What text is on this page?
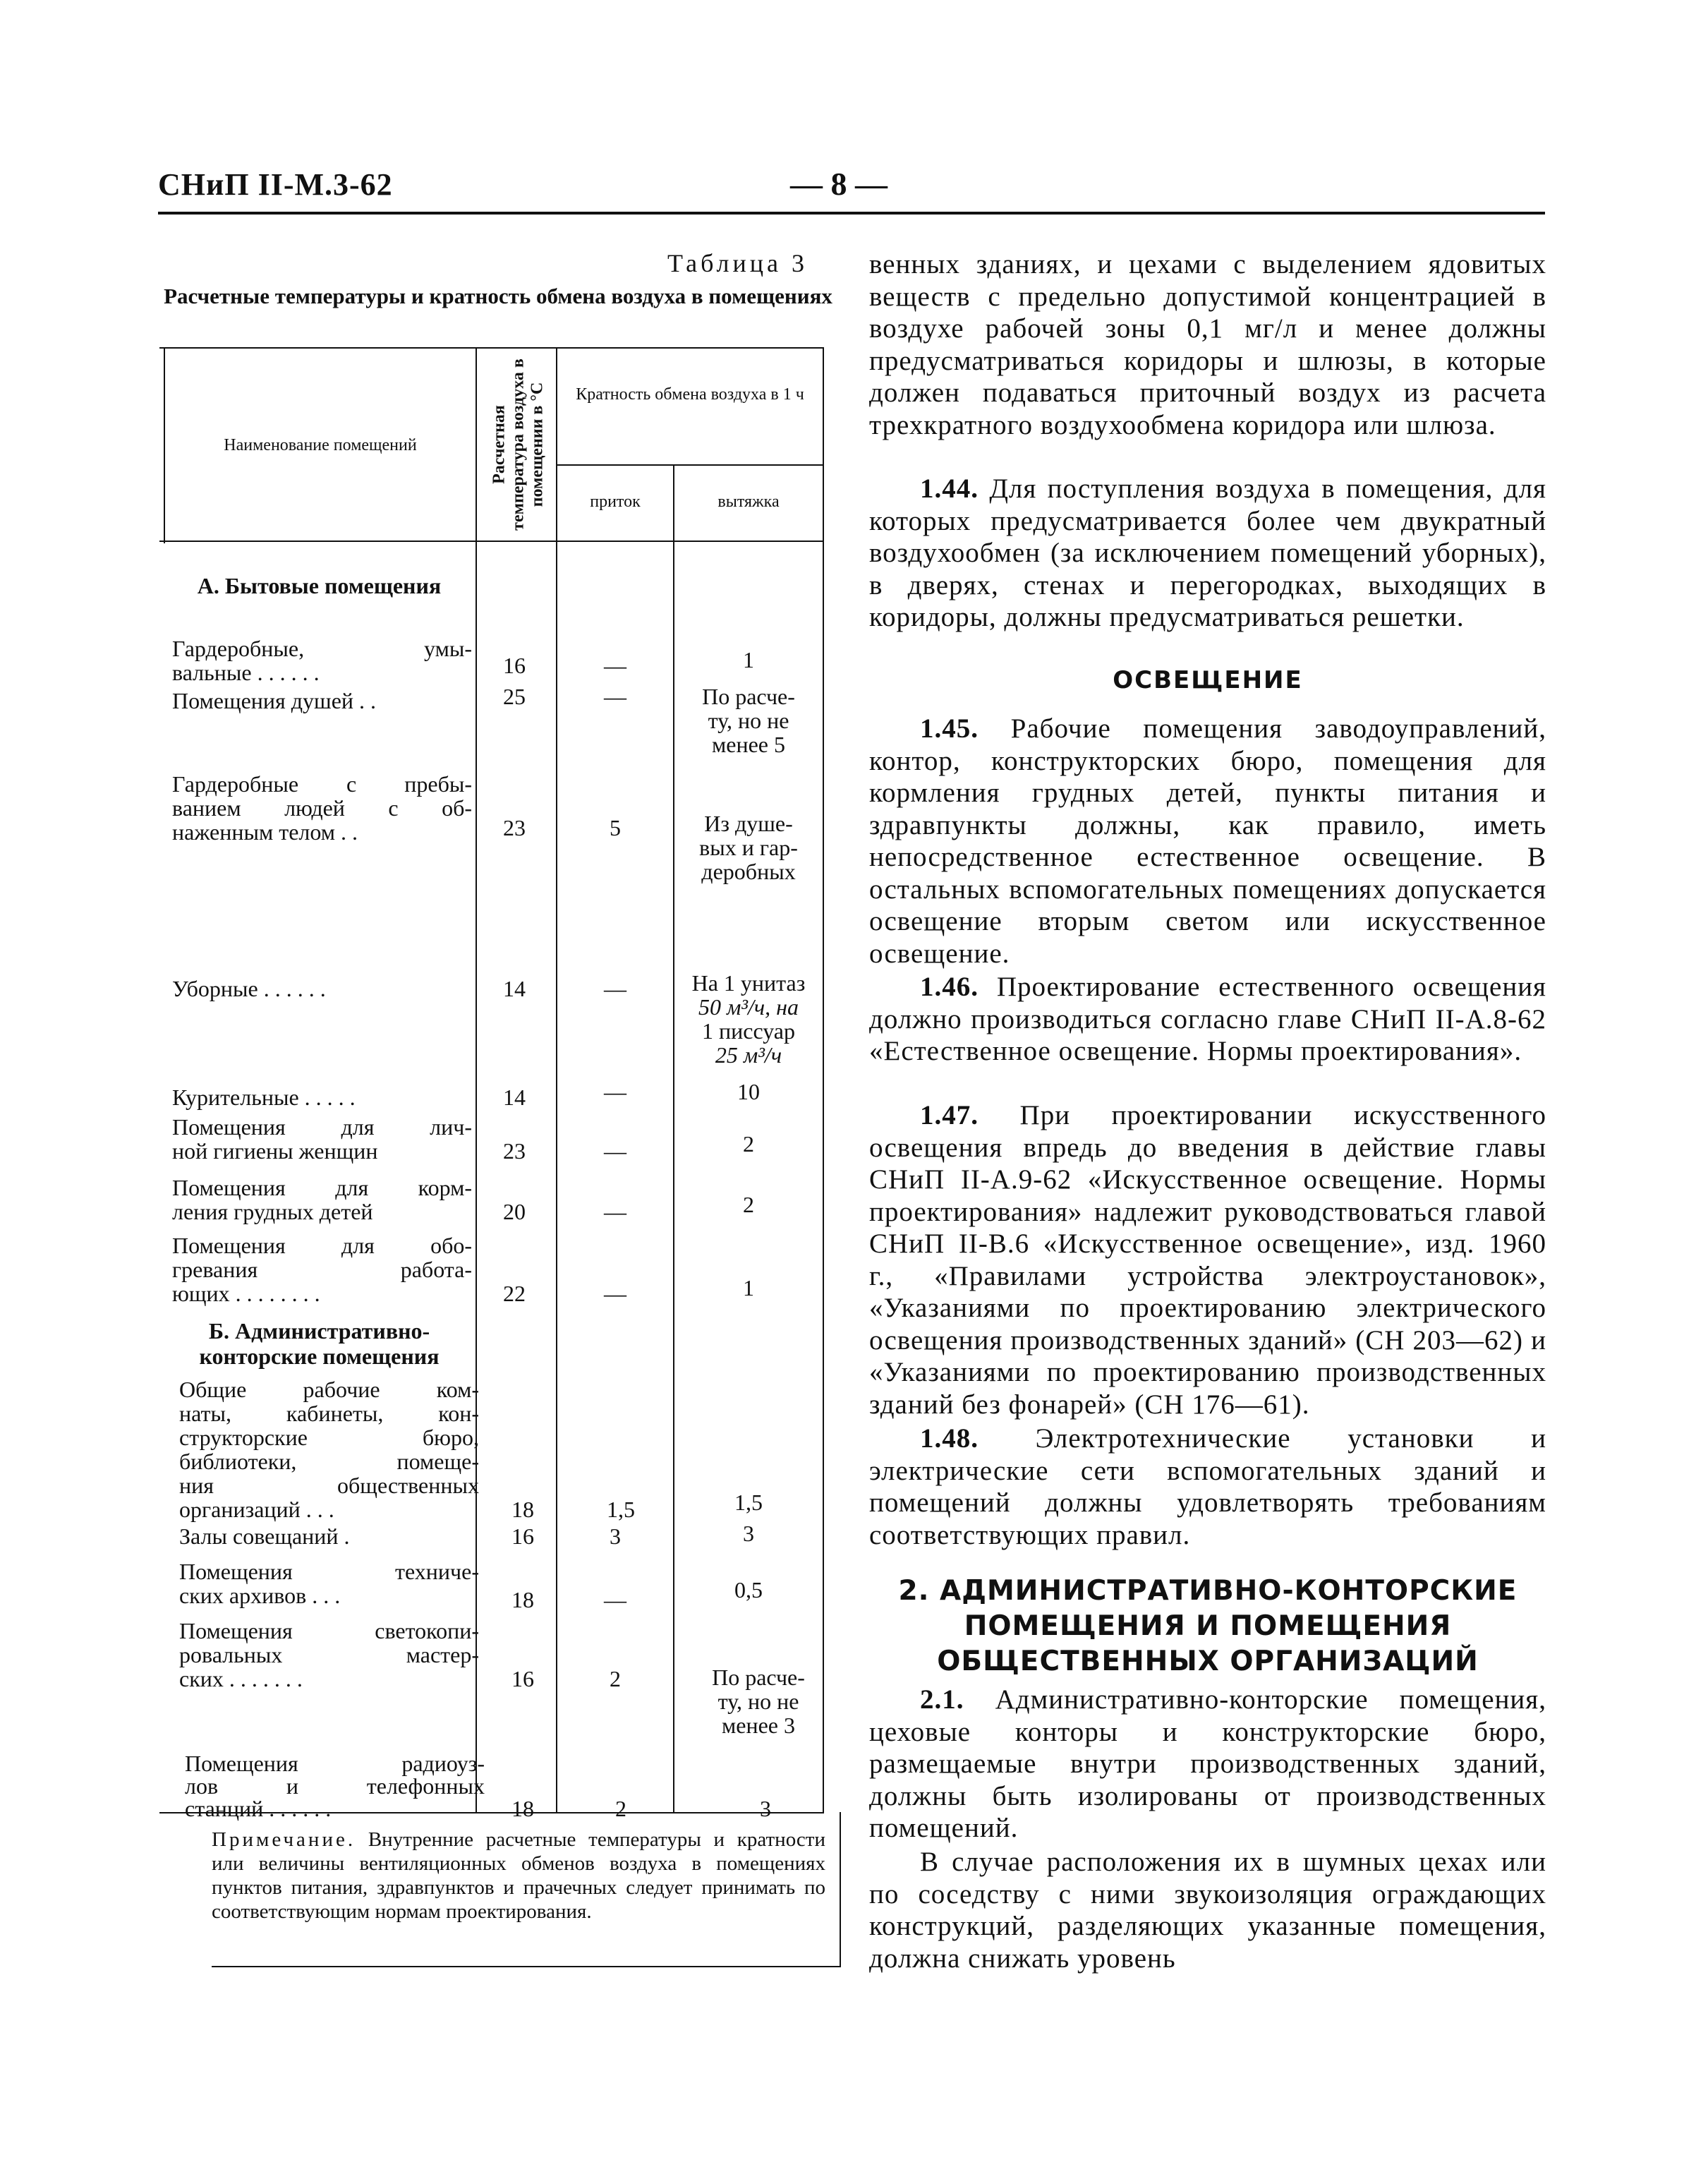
СНиП II-М.3-62	— 8 —
Таблица 3
Расчетные температуры и кратность обмена воздуха в помещениях
Наименование помещений	Расчетная температура воздуха в помещении в °С	Кратность обмена воздуха в 1 ч
приток	вытяжка
А. Бытовые помещения
Гардеробные, умы-
вальные . . . . . .	16	—	1
Помещения душей . .	25	—	По расче-
ту, но не
менее 5
Гардеробные с пребы-
ванием людей с об-
наженным телом . .	23	5	Из душе-
вых и гар-
деробных
Уборные . . . . . .	14	—	На 1 унитаз
50 м³/ч, на
1 писсуар
25 м³/ч
Курительные . . . . .	14	—	10
Помещения для лич-
ной гигиены женщин	23	—	2
Помещения для корм-
ления грудных детей	20	—	2
Помещения для обо-
гревания работа-
ющих . . . . . . . .	22	—	1
Б. Административно-конторские помещения
Общие рабочие ком-
наты, кабинеты, кон-
структорские бюро,
библиотеки, помеще-
ния общественных
организаций . . .	18	1,5	1,5
Залы совещаний .	16	3	3
Помещения техниче-
ских архивов . . .	18	—	0,5
Помещения светокопи-
ровальных мастер-
ских . . . . . . .	16	2	По расче-
ту, но не
менее 3
Помещения радиоуз-
лов и телефонных
станций . . . . . .	18	2	3
Примечание. Внутренние расчетные температуры и кратности или величины вентиляционных обменов воздуха в помещениях пунктов питания, здравпунктов и прачечных следует принимать по соответствующим нормам проектирования.
венных зданиях, и цехами с выделением ядовитых веществ с предельно допустимой концентрацией в воздухе рабочей зоны 0,1 мг/л и менее должны предусматриваться коридоры и шлюзы, в которые должен подаваться приточный воздух из расчета трехкратного воздухообмена коридора или шлюза.
1.44. Для поступления воздуха в помещения, для которых предусматривается более чем двукратный воздухообмен (за исключением помещений уборных), в дверях, стенах и перегородках, выходящих в коридоры, должны предусматриваться решетки.
ОСВЕЩЕНИЕ
1.45. Рабочие помещения заводоуправлений, контор, конструкторских бюро, помещения для кормления грудных детей, пункты питания и здравпункты должны, как правило, иметь непосредственное естественное освещение. В остальных вспомогательных помещениях допускается освещение вторым светом или искусственное освещение.
1.46. Проектирование естественного освещения должно производиться согласно главе СНиП II-А.8-62 «Естественное освещение. Нормы проектирования».
1.47. При проектировании искусственного освещения впредь до введения в действие главы СНиП II-А.9-62 «Искусственное освещение. Нормы проектирования» надлежит руководствоваться главой СНиП II-В.6 «Искусственное освещение», изд. 1960 г., «Правилами устройства электроустановок», «Указаниями по проектированию электрического освещения производственных зданий» (СН 203—62) и «Указаниями по проектированию производственных зданий без фонарей» (СН 176—61).
1.48. Электротехнические установки и электрические сети вспомогательных зданий и помещений должны удовлетворять требованиям соответствующих правил.
2. АДМИНИСТРАТИВНО-КОНТОРСКИЕ
ПОМЕЩЕНИЯ И ПОМЕЩЕНИЯ
ОБЩЕСТВЕННЫХ ОРГАНИЗАЦИЙ
2.1. Административно-конторские помещения, цеховые конторы и конструкторские бюро, размещаемые внутри производственных зданий, должны быть изолированы от производственных помещений.
В случае расположения их в шумных цехах или по соседству с ними звукоизоляция ограждающих конструкций, разделяющих указанные помещения, должна снижать уровень
